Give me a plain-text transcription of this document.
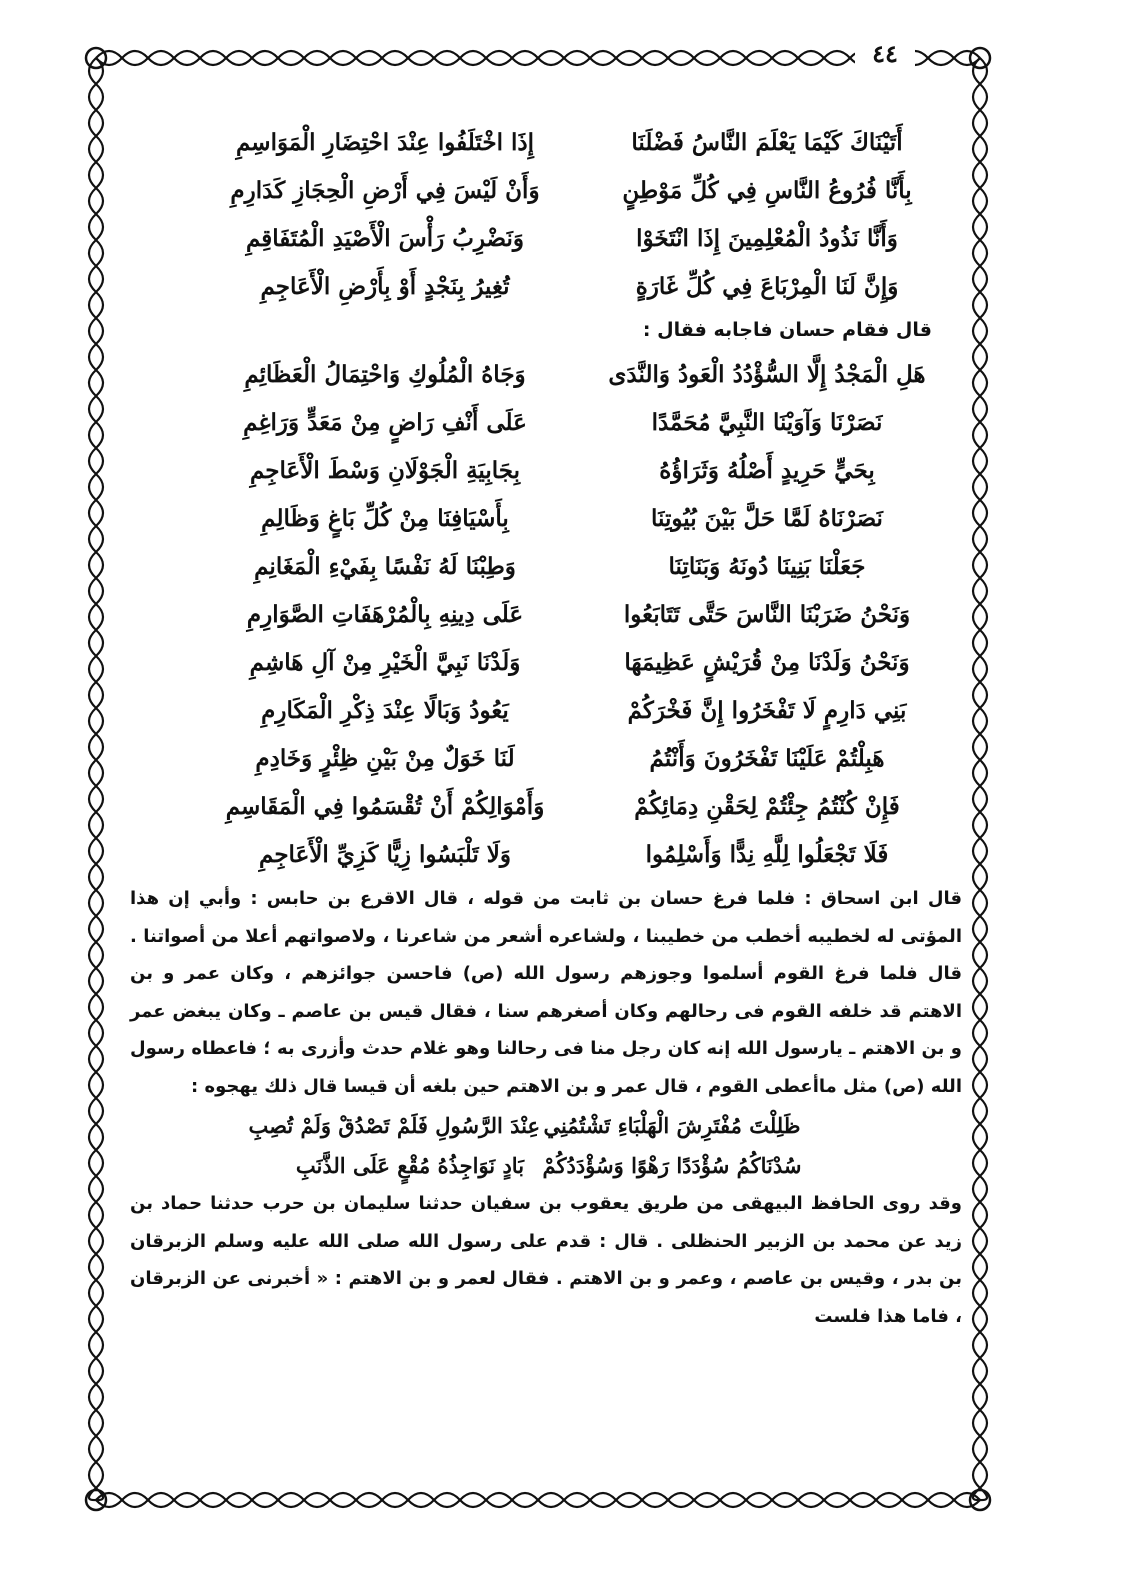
٤٤
أَتَيْنَاكَ كَيْمَا يَعْلَمَ النَّاسُ فَضْلَنَا
إِذَا اخْتَلَفُوا عِنْدَ احْتِضَارِ الْمَوَاسِمِ
بِأَنَّا فُرُوعُ النَّاسِ فِي كُلِّ مَوْطِنٍ
وَأَنْ لَيْسَ فِي أَرْضِ الْحِجَازِ كَدَارِمِ
وَأَنَّا نَذُودُ الْمُعْلِمِينَ إِذَا انْتَخَوْا
وَنَضْرِبُ رَأْسَ الْأَصْيَدِ الْمُتَفَاقِمِ
وَإِنَّ لَنَا الْمِرْبَاعَ فِي كُلِّ غَارَةٍ
تُغِيرُ بِنَجْدٍ أَوْ بِأَرْضِ الْأَعَاجِمِ
قال فقام حسان فاجابه فقال :
هَلِ الْمَجْدُ إِلَّا السُّؤْدُدُ الْعَودُ وَالنَّدَى
وَجَاهُ الْمُلُوكِ وَاحْتِمَالُ الْعَظَائِمِ
نَصَرْنَا وَآوَيْنَا النَّبِيَّ مُحَمَّدًا
عَلَى أَنْفِ رَاضٍ مِنْ مَعَدٍّ وَرَاغِمِ
بِحَيٍّ حَرِيدٍ أَصْلُهُ وَثَرَاؤُهُ
بِجَابِيَةِ الْجَوْلَانِ وَسْطَ الْأَعَاجِمِ
نَصَرْنَاهُ لَمَّا حَلَّ بَيْنَ بُيُوتِنَا
بِأَسْيَافِنَا مِنْ كُلِّ بَاغٍ وَظَالِمِ
جَعَلْنَا بَنِينَا دُونَهُ وَبَنَاتِنَا
وَطِبْنَا لَهُ نَفْسًا بِفَيْءِ الْمَغَانِمِ
وَنَحْنُ ضَرَبْنَا النَّاسَ حَتَّى تَتَابَعُوا
عَلَى دِينِهِ بِالْمُرْهَفَاتِ الصَّوَارِمِ
وَنَحْنُ وَلَدْنَا مِنْ قُرَيْشٍ عَظِيمَهَا
وَلَدْنَا نَبِيَّ الْخَيْرِ مِنْ آلِ هَاشِمِ
بَنِي دَارِمٍ لَا تَفْخَرُوا إِنَّ فَخْرَكُمْ
يَعُودُ وَبَالًا عِنْدَ ذِكْرِ الْمَكَارِمِ
هَبِلْتُمْ عَلَيْنَا تَفْخَرُونَ وَأَنْتُمُ
لَنَا خَوَلٌ مِنْ بَيْنِ ظِئْرٍ وَخَادِمِ
فَإِنْ كُنْتُمُ جِئْتُمْ لِحَقْنِ دِمَائِكُمْ
وَأَمْوَالِكُمْ أَنْ تُقْسَمُوا فِي الْمَقَاسِمِ
فَلَا تَجْعَلُوا لِلَّهِ نِدًّا وَأَسْلِمُوا
وَلَا تَلْبَسُوا زِيًّا كَزِيِّ الْأَعَاجِمِ
قال ابن اسحاق : فلما فرغ حسان بن ثابت من قوله ، قال الاقرع بن حابس : وأبي إن هذا المؤتى له لخطيبه أخطب من خطيبنا ، ولشاعره أشعر من شاعرنا ، ولاصواتهم أعلا من أصواتنا . قال فلما فرغ القوم أسلموا وجوزهم رسول الله (ص) فاحسن جوائزهم ، وكان عمر و بن الاهتم قد خلفه القوم فى رحالهم وكان أصغرهم سنا ، فقال قيس بن عاصم ـ وكان يبغض عمر و بن الاهتم ـ يارسول الله إنه كان رجل منا فى رحالنا وهو غلام حدث وأزرى به ؛ فاعطاه رسول الله (ص) مثل ماأعطى القوم ، قال عمر و بن الاهتم حين بلغه أن قيسا قال ذلك يهجوه :
ظَلِلْتَ مُفْتَرِشَ الْهَلْبَاءِ تَشْتُمُنِي
عِنْدَ الرَّسُولِ فَلَمْ تَصْدُقْ وَلَمْ تُصِبِ
سُدْنَاكُمُ سُؤْدَدًا رَهْوًا وَسُؤْدَدُكُمْ
بَادٍ نَوَاجِذُهُ مُقْعٍ عَلَى الذَّنَبِ
وقد روى الحافظ البيهقى من طريق يعقوب بن سفيان حدثنا سليمان بن حرب حدثنا حماد بن زيد عن محمد بن الزبير الحنظلى . قال : قدم على رسول الله صلى الله عليه وسلم الزبرقان بن بدر ، وقيس بن عاصم ، وعمر و بن الاهتم . فقال لعمر و بن الاهتم : « أخبرنى عن الزبرقان ، فاما هذا فلست
